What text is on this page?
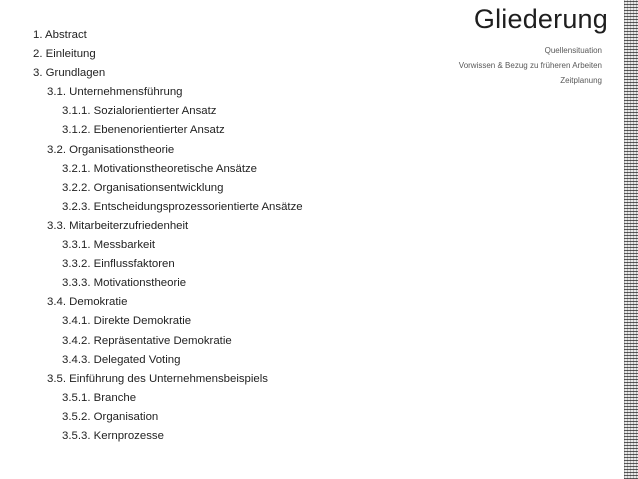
1. Abstract
2. Einleitung
3. Grundlagen
3.1. Unternehmensführung
3.1.1. Sozialorientierter Ansatz
3.1.2. Ebenenorientierter Ansatz
3.2. Organisationstheorie
3.2.1. Motivationstheoretische Ansätze
3.2.2. Organisationsentwicklung
3.2.3. Entscheidungsprozessorientierte Ansätze
3.3. Mitarbeiterzufriedenheit
3.3.1. Messbarkeit
3.3.2. Einflussfaktoren
3.3.3. Motivationstheorie
3.4. Demokratie
3.4.1. Direkte Demokratie
3.4.2. Repräsentative Demokratie
3.4.3. Delegated Voting
3.5. Einführung des Unternehmensbeispiels
3.5.1. Branche
3.5.2. Organisation
3.5.3. Kernprozesse
Gliederung
Quellensituation
Vorwissen & Bezug zu früheren Arbeiten
Zeitplanung
